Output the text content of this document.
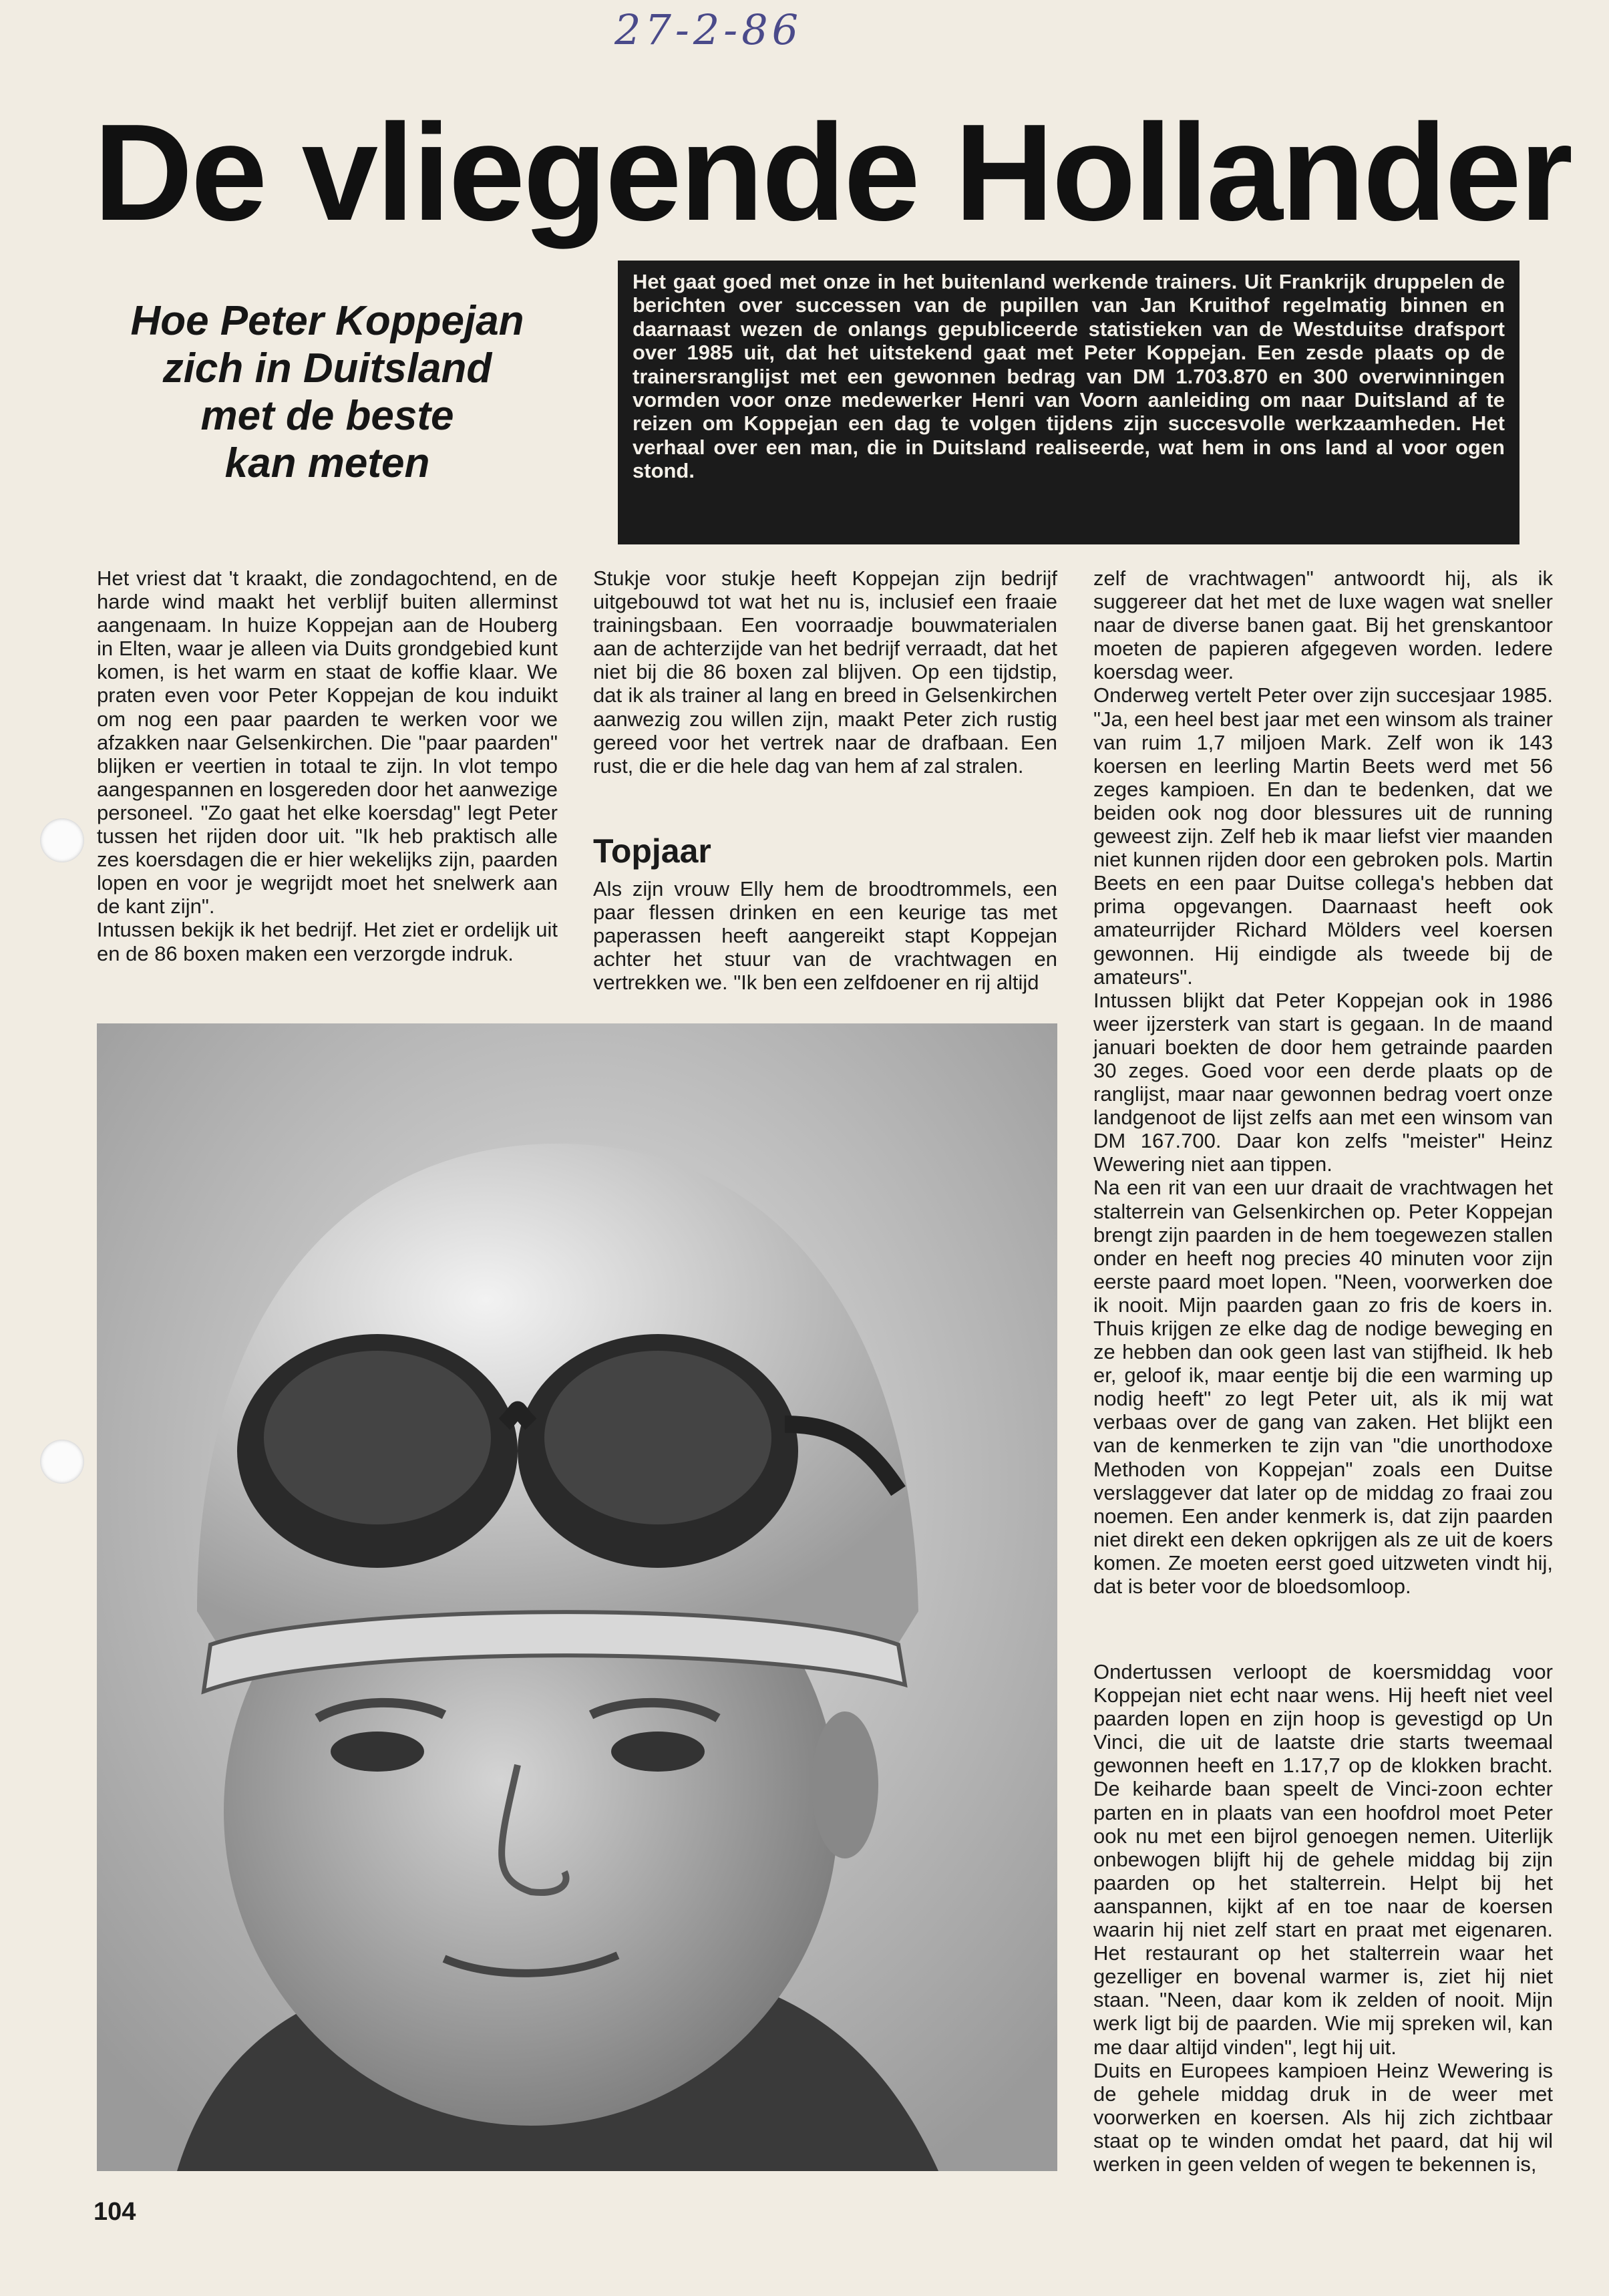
27-2-86
De vliegende Hollander
Hoe Peter Koppejan
zich in Duitsland
met de beste
kan meten
Het gaat goed met onze in het buitenland werkende trainers. Uit Frankrijk druppelen de berichten over successen van de pupillen van Jan Kruithof regelmatig binnen en daarnaast wezen de onlangs gepubliceerde statistieken van de Westduitse drafsport over 1985 uit, dat het uitstekend gaat met Peter Koppejan. Een zesde plaats op de trainersranglijst met een gewonnen bedrag van DM 1.703.870 en 300 overwinningen vormden voor onze medewerker Henri van Voorn aanleiding om naar Duitsland af te reizen om Koppejan een dag te volgen tijdens zijn succesvolle werkzaamheden. Het verhaal over een man, die in Duitsland realiseerde, wat hem in ons land al voor ogen stond.

Het vriest dat 't kraakt, die zondagochtend, en de harde wind maakt het verblijf buiten allerminst aangenaam. In huize Koppejan aan de Houberg in Elten, waar je alleen via Duits grondgebied kunt komen, is het warm en staat de koffie klaar. We praten even voor Peter Koppejan de kou induikt om nog een paar paarden te werken voor we afzakken naar Gelsenkirchen. Die "paar paarden" blijken er veertien in totaal te zijn. In vlot tempo aangespannen en losgereden door het aanwezige personeel. "Zo gaat het elke koersdag" legt Peter tussen het rijden door uit. "Ik heb praktisch alle zes koersdagen die er hier wekelijks zijn, paarden lopen en voor je wegrijdt moet het snelwerk aan de kant zijn".

Intussen bekijk ik het bedrijf. Het ziet er ordelijk uit en de 86 boxen maken een verzorgde indruk.

Stukje voor stukje heeft Koppejan zijn bedrijf uitgebouwd tot wat het nu is, inclusief een fraaie trainingsbaan. Een voorraadje bouwmaterialen aan de achterzijde van het bedrijf verraadt, dat het niet bij die 86 boxen zal blijven. Op een tijdstip, dat ik als trainer al lang en breed in Gelsenkirchen aanwezig zou willen zijn, maakt Peter zich rustig gereed voor het vertrek naar de drafbaan. Een rust, die er die hele dag van hem af zal stralen.

Topjaar

Als zijn vrouw Elly hem de broodtrommels, een paar flessen drinken en een keurige tas met paperassen heeft aangereikt stapt Koppejan achter het stuur van de vrachtwagen en vertrekken we. "Ik ben een zelfdoener en rij altijd

zelf de vrachtwagen" antwoordt hij, als ik suggereer dat het met de luxe wagen wat sneller naar de diverse banen gaat. Bij het grenskantoor moeten de papieren afgegeven worden. Iedere koersdag weer.

Onderweg vertelt Peter over zijn succesjaar 1985. "Ja, een heel best jaar met een winsom als trainer van ruim 1,7 miljoen Mark. Zelf won ik 143 koersen en leerling Martin Beets werd met 56 zeges kampioen. En dan te bedenken, dat we beiden ook nog door blessures uit de running geweest zijn. Zelf heb ik maar liefst vier maanden niet kunnen rijden door een gebroken pols. Martin Beets en een paar Duitse collega's hebben dat prima opgevangen. Daarnaast heeft ook amateurrijder Richard Mölders veel koersen gewonnen. Hij eindigde als tweede bij de amateurs".

Intussen blijkt dat Peter Koppejan ook in 1986 weer ijzersterk van start is gegaan. In de maand januari boekten de door hem getrainde paarden 30 zeges. Goed voor een derde plaats op de ranglijst, maar naar gewonnen bedrag voert onze landgenoot de lijst zelfs aan met een winsom van DM 167.700. Daar kon zelfs "meister" Heinz Wewering niet aan tippen.

Na een rit van een uur draait de vrachtwagen het stalterrein van Gelsenkirchen op. Peter Koppejan brengt zijn paarden in de hem toegewezen stallen onder en heeft nog precies 40 minuten voor zijn eerste paard moet lopen. "Neen, voorwerken doe ik nooit. Mijn paarden gaan zo fris de koers in. Thuis krijgen ze elke dag de nodige beweging en ze hebben dan ook geen last van stijfheid. Ik heb er, geloof ik, maar eentje bij die een warming up nodig heeft" zo legt Peter uit, als ik mij wat verbaas over de gang van zaken. Het blijkt een van de kenmerken te zijn van "die unorthodoxe Methoden von Koppejan" zoals een Duitse verslaggever dat later op de middag zo fraai zou noemen. Een ander kenmerk is, dat zijn paarden niet direkt een deken opkrijgen als ze uit de koers komen. Ze moeten eerst goed uitzweten vindt hij, dat is beter voor de bloedsomloop.

Ondertussen verloopt de koersmiddag voor Koppejan niet echt naar wens. Hij heeft niet veel paarden lopen en zijn hoop is gevestigd op Un Vinci, die uit de laatste drie starts tweemaal gewonnen heeft en 1.17,7 op de klokken bracht. De keiharde baan speelt de Vinci-zoon echter parten en in plaats van een hoofdrol moet Peter ook nu met een bijrol genoegen nemen. Uiterlijk onbewogen blijft hij de gehele middag bij zijn paarden op het stalterrein. Helpt bij het aanspannen, kijkt af en toe naar de koersen waarin hij niet zelf start en praat met eigenaren. Het restaurant op het stalterrein waar het gezelliger en bovenal warmer is, ziet hij niet staan. "Neen, daar kom ik zelden of nooit. Mijn werk ligt bij de paarden. Wie mij spreken wil, kan me daar altijd vinden", legt hij uit.

Duits en Europees kampioen Heinz Wewering is de gehele middag druk in de weer met voorwerken en koersen. Als hij zich zichtbaar staat op te winden omdat het paard, dat hij wil werken in geen velden of wegen te bekennen is,

104
